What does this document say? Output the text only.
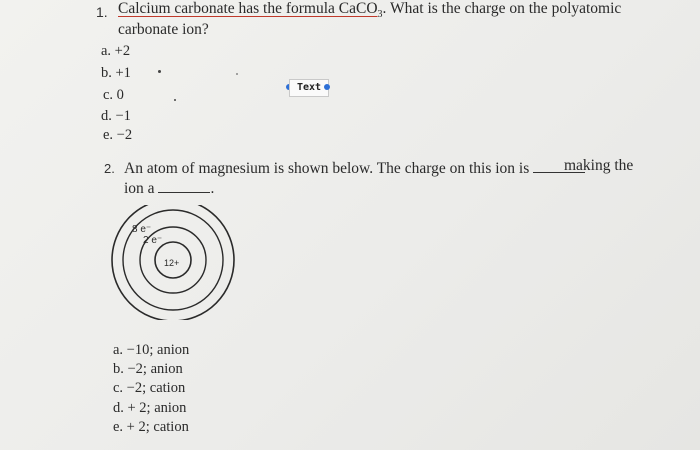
1. Calcium carbonate has the formula CaCO$_3$. What is the charge on the polyatomic
carbonate ion?
a. +2
b. +1
c. 0
d. −1
e. −2
Text
2. An atom of magnesium is shown below. The charge on this ion is	making the
ion a	.
8 e⁻
2 e⁻
12+
a. −10; anion
b. −2; anion
c. −2; cation
d. + 2; anion
e. + 2; cation
